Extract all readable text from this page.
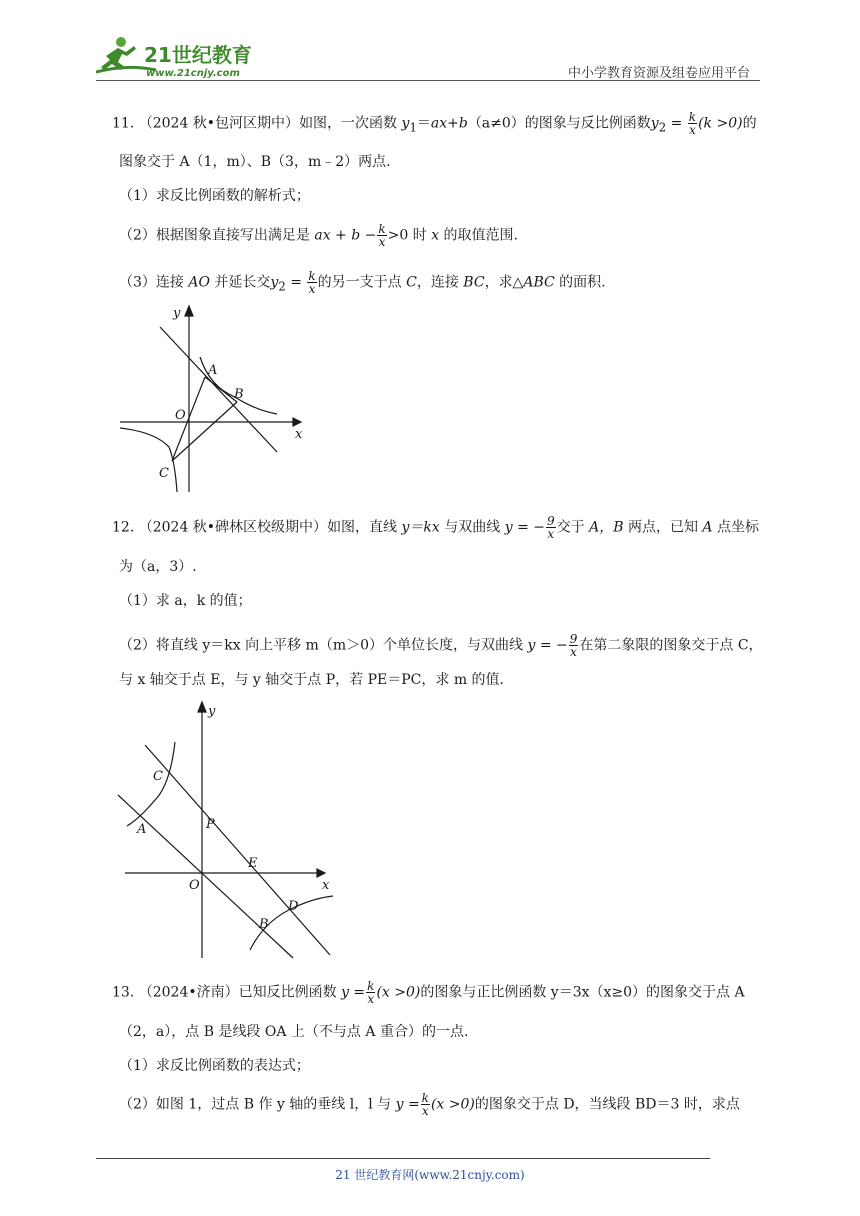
21世纪教育
www.21cnjy.com	中小学教育资源及组卷应用平台
11. （2024 秋•包河区期中）如图，一次函数 $y_1=ax+b(a\ne 0)$的图象与反比例函数$y_2 = \frac{k}{x} (k >0)$的
图象交于 A（1，m）、B（3，m﹣2）两点.
（1）求反比例函数的解析式；
（2）根据图象直接写出满足是 ax + $b - \frac{k}{x} >0$ 时 x 的取值范围.
（3）连接 AO 并延长交$y_2 = \frac{k}{x}$ 的另一支于点 C，连接 BC，求△ABC 的面积.
y
x
O
A
B
C
12. （2024 秋•碑林区校级期中）如图，直线 y＝kx 与双曲线 y = − $\frac{9}{x}$ 交于 A，B 两点，已知 A 点坐标
为（a，3）.
（1）求 a，k 的值；
（2）将直线 y＝kx 向上平移 m（m＞0）个单位长度，与双曲线 y = − $\frac{9}{x}$ 在第二象限的图象交于点 C，
与 x 轴交于点 E，与 y 轴交于点 P，若 PE＝PC，求 m 的值.
y
x
O
A
C
P
E
B
D
13. （2024•济南）已知反比例函数 $y = \frac{k}{x} (x >0)$的图象与正比例函数 y＝3x（x≥0）的图象交于点 A
（2，a），点 B 是线段 OA 上（不与点 A 重合）的一点.
（1）求反比例函数的表达式；
（2）如图 1，过点 B 作 y 轴的垂线 l，l 与 $y = \frac{k}{x} (x >0)$的图象交于点 D，当线段 BD＝3 时，求点
21 世纪教育网(www.21cnjy.com)
